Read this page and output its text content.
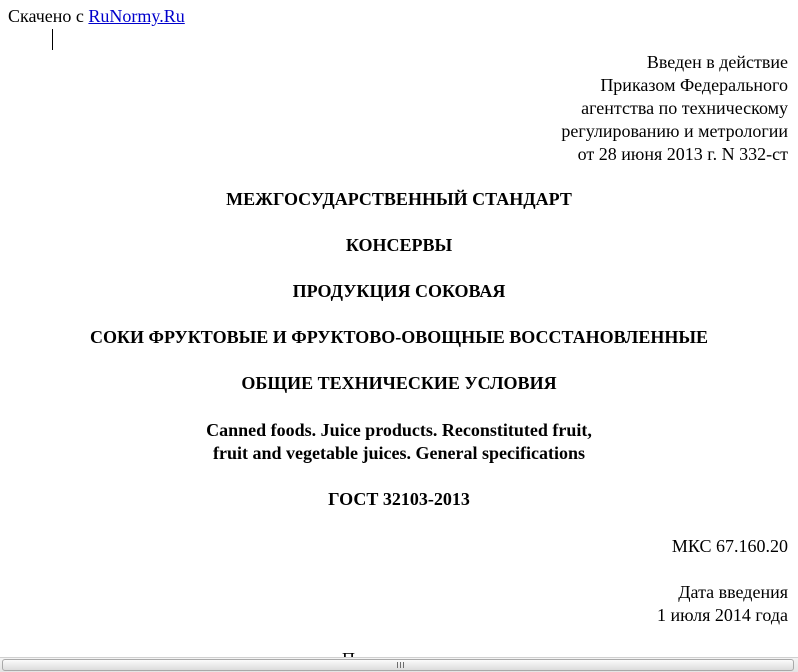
Скачено с RuNormy.Ru
Введен в действие
Приказом Федерального
агентства по техническому
регулированию и метрологии
от 28 июня 2013 г. N 332-ст
МЕЖГОСУДАРСТВЕННЫЙ СТАНДАРТ
КОНСЕРВЫ
ПРОДУКЦИЯ СОКОВАЯ
СОКИ ФРУКТОВЫЕ И ФРУКТОВО-ОВОЩНЫЕ ВОССТАНОВЛЕННЫЕ
ОБЩИЕ ТЕХНИЧЕСКИЕ УСЛОВИЯ
Canned foods. Juice products. Reconstituted fruit,
fruit and vegetable juices. General specifications
ГОСТ 32103-2013
МКС 67.160.20
Дата введения
1 июля 2014 года
